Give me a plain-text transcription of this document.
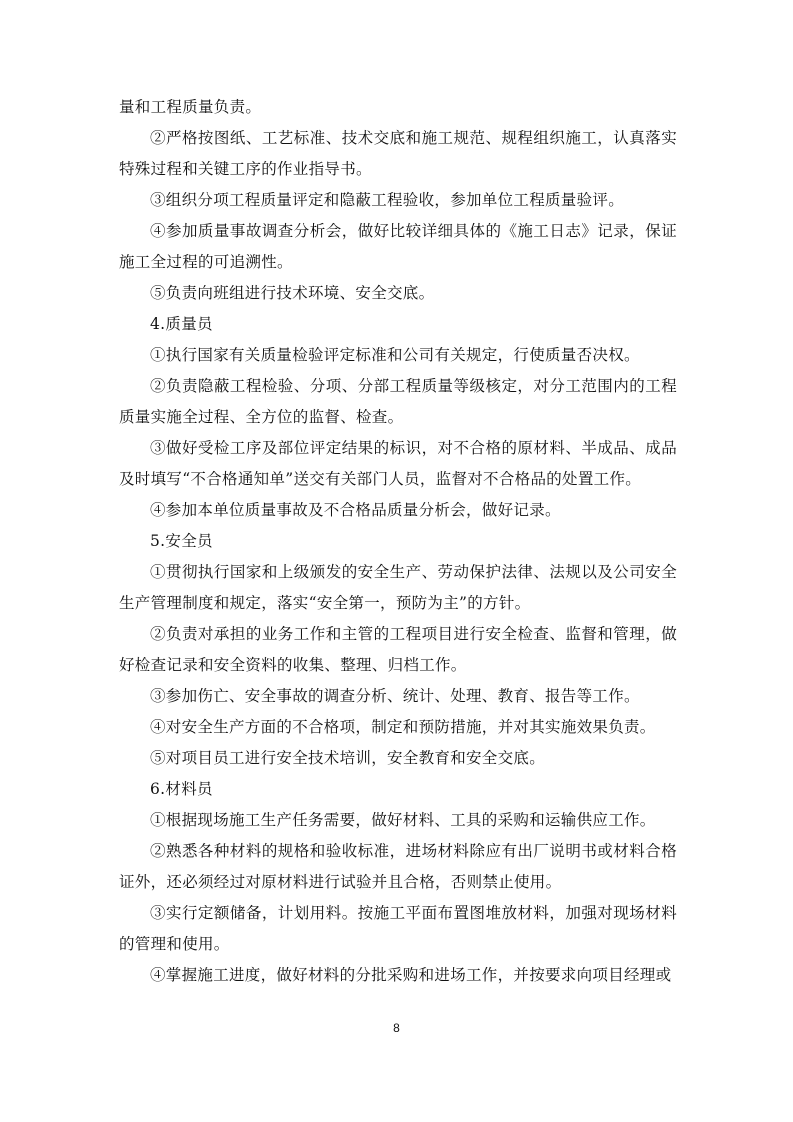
量和工程质量负责。

②严格按图纸、工艺标准、技术交底和施工规范、规程组织施工，认真落实特殊过程和关键工序的作业指导书。

③组织分项工程质量评定和隐蔽工程验收，参加单位工程质量验评。

④参加质量事故调查分析会，做好比较详细具体的《施工日志》记录，保证施工全过程的可追溯性。

⑤负责向班组进行技术环境、安全交底。

4.质量员

①执行国家有关质量检验评定标准和公司有关规定，行使质量否决权。

②负责隐蔽工程检验、分项、分部工程质量等级核定，对分工范围内的工程质量实施全过程、全方位的监督、检查。

③做好受检工序及部位评定结果的标识，对不合格的原材料、半成品、成品及时填写“不合格通知单”送交有关部门人员，监督对不合格品的处置工作。

④参加本单位质量事故及不合格品质量分析会，做好记录。

5.安全员

①贯彻执行国家和上级颁发的安全生产、劳动保护法律、法规以及公司安全生产管理制度和规定，落实“安全第一，预防为主”的方针。

②负责对承担的业务工作和主管的工程项目进行安全检查、监督和管理，做好检查记录和安全资料的收集、整理、归档工作。

③参加伤亡、安全事故的调查分析、统计、处理、教育、报告等工作。

④对安全生产方面的不合格项，制定和预防措施，并对其实施效果负责。

⑤对项目员工进行安全技术培训，安全教育和安全交底。

6.材料员

①根据现场施工生产任务需要，做好材料、工具的采购和运输供应工作。

②熟悉各种材料的规格和验收标准，进场材料除应有出厂说明书或材料合格证外，还必须经过对原材料进行试验并且合格，否则禁止使用。

③实行定额储备，计划用料。按施工平面布置图堆放材料，加强对现场材料的管理和使用。

④掌握施工进度，做好材料的分批采购和进场工作，并按要求向项目经理或

8
